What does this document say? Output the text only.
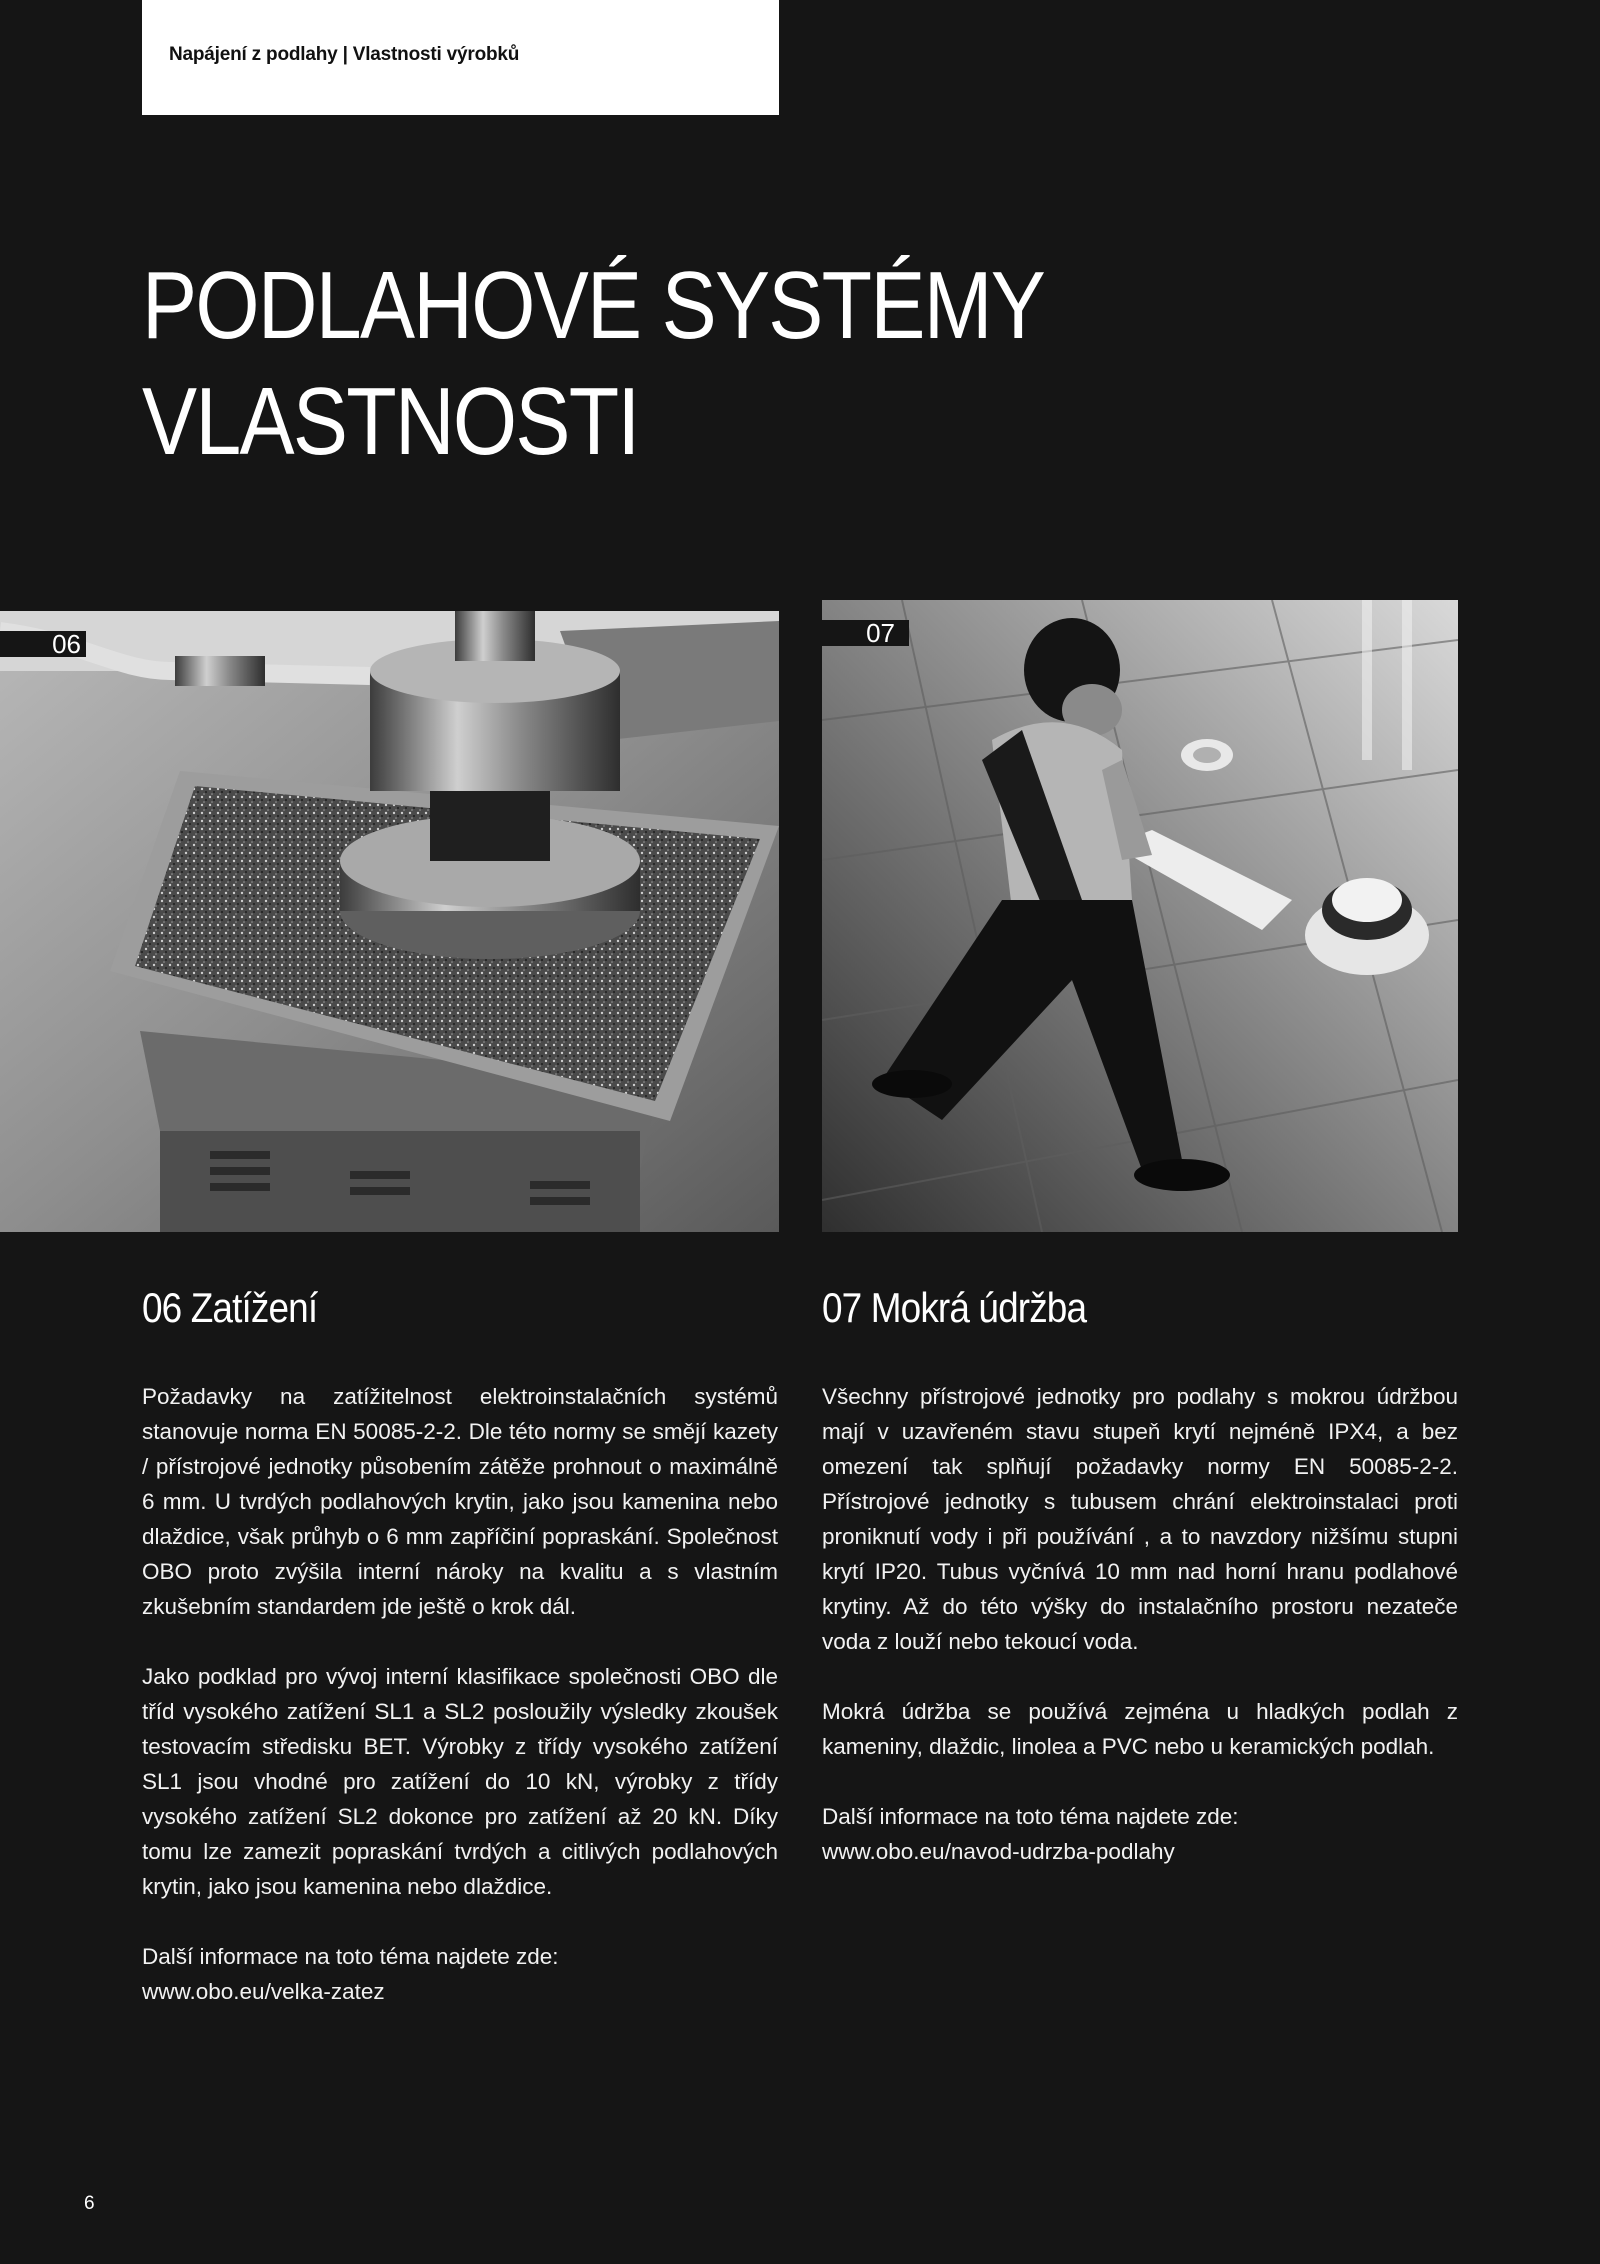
Napájení z podlahy | Vlastnosti výrobků
PODLAHOVÉ SYSTÉMY
VLASTNOSTI
06	07
06 Zatížení

Požadavky na zatížitelnost elektroinstalačních systémů stanovuje norma EN 50085-2-2. Dle této normy se smějí kazety / přístrojové jednotky působením zátěže prohnout o maximálně 6 mm. U tvrdých podlahových krytin, jako jsou kamenina nebo dlaždice, však průhyb o 6 mm zapříčiní popraskání. Společnost OBO proto zvýšila interní nároky na kvalitu a s vlastním zkušebním standardem jde ještě o krok dál.

Jako podklad pro vývoj interní klasifikace společnosti OBO dle tříd vysokého zatížení SL1 a SL2 posloužily výsledky zkoušek testovacím středisku BET. Výrobky z třídy vysokého zatížení SL1 jsou vhodné pro zatížení do 10 kN, výrobky z třídy vysokého zatížení SL2 dokonce pro zatížení až 20 kN. Díky tomu lze zamezit popraskání tvrdých a citlivých podlahových krytin, jako jsou kamenina nebo dlaždice.

Další informace na toto téma najdete zde:
www.obo.eu/velka-zatez

07 Mokrá údržba

Všechny přístrojové jednotky pro podlahy s mokrou údržbou mají v uzavřeném stavu stupeň krytí nejméně IPX4, a bez omezení tak splňují požadavky normy EN 50085-2-2. Přístrojové jednotky s tubusem chrání elektroinstalaci proti proniknutí vody i při používání , a to navzdory nižšímu stupni krytí IP20. Tubus vyčnívá 10 mm nad horní hranu podlahové krytiny. Až do této výšky do instalačního prostoru nezateče voda z louží nebo tekoucí voda.

Mokrá údržba se používá zejména u hladkých podlah z kameniny, dlaždic, linolea a PVC nebo u keramických podlah.

Další informace na toto téma najdete zde:
www.obo.eu/navod-udrzba-podlahy

6
